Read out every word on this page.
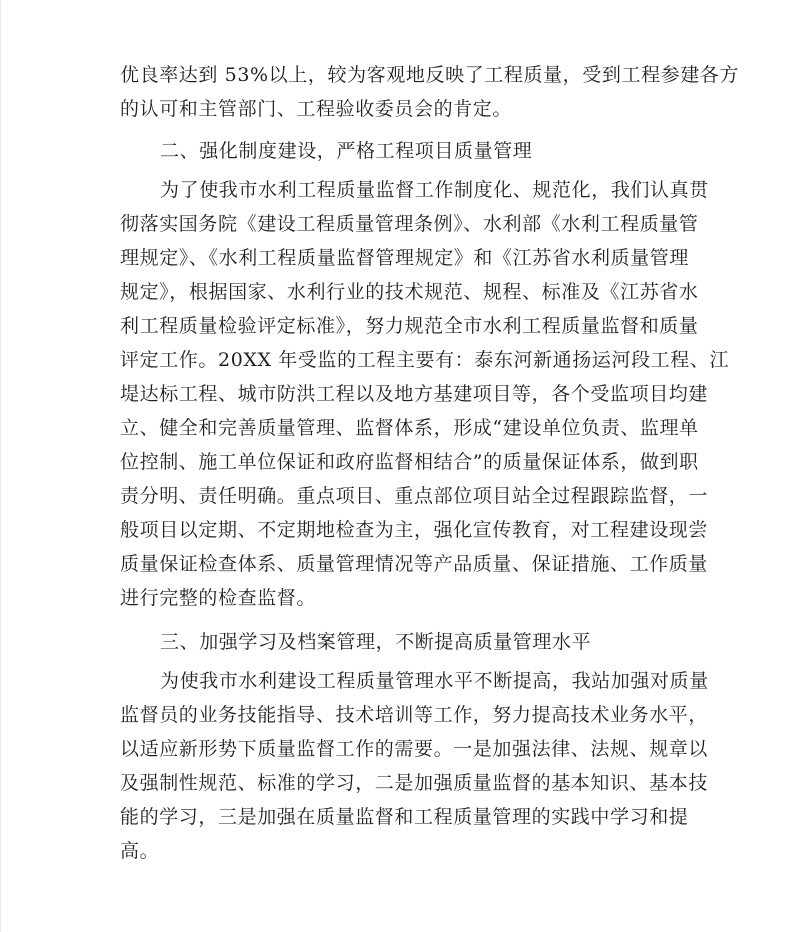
优良率达到 53%以上，较为客观地反映了工程质量，受到工程参建各方
的认可和主管部门、工程验收委员会的肯定。
二、强化制度建设，严格工程项目质量管理
为了使我市水利工程质量监督工作制度化、规范化，我们认真贯
彻落实国务院《建设工程质量管理条例》、水利部《水利工程质量管
理规定》、《水利工程质量监督管理规定》和《江苏省水利质量管理
规定》，根据国家、水利行业的技术规范、规程、标准及《江苏省水
利工程质量检验评定标准》，努力规范全市水利工程质量监督和质量
评定工作。20XX 年受监的工程主要有：泰东河新通扬运河段工程、江
堤达标工程、城市防洪工程以及地方基建项目等，各个受监项目均建
立、健全和完善质量管理、监督体系，形成“建设单位负责、监理单
位控制、施工单位保证和政府监督相结合”的质量保证体系，做到职
责分明、责任明确。重点项目、重点部位项目站全过程跟踪监督，一
般项目以定期、不定期地检查为主，强化宣传教育，对工程建设现尝
质量保证检查体系、质量管理情况等产品质量、保证措施、工作质量
进行完整的检查监督。
三、加强学习及档案管理，不断提高质量管理水平
为使我市水利建设工程质量管理水平不断提高，我站加强对质量
监督员的业务技能指导、技术培训等工作，努力提高技术业务水平，
以适应新形势下质量监督工作的需要。一是加强法律、法规、规章以
及强制性规范、标准的学习，二是加强质量监督的基本知识、基本技
能的学习，三是加强在质量监督和工程质量管理的实践中学习和提
高。
